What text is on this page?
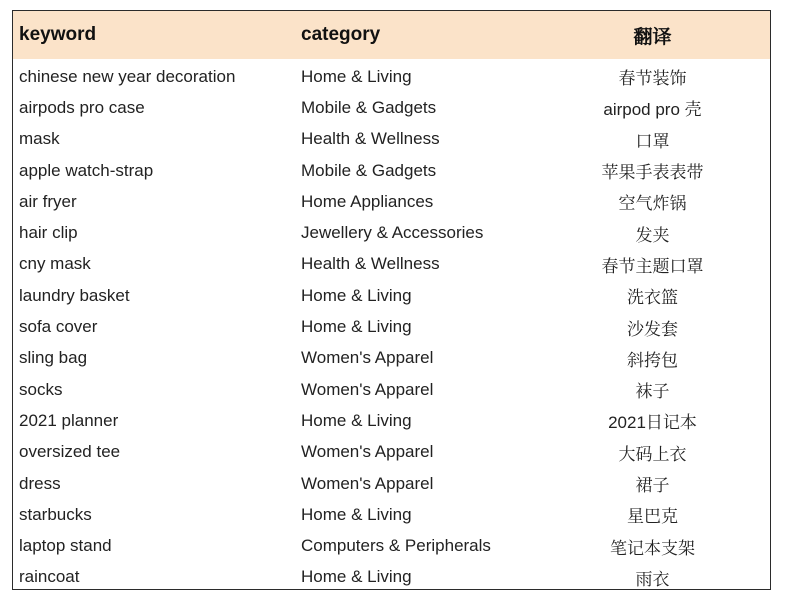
keyword	category	翻译
chinese new year decoration	Home & Living	春节装饰
airpods pro case	Mobile & Gadgets	airpod pro 壳
mask	Health & Wellness	口罩
apple watch-strap	Mobile & Gadgets	苹果手表表带
air fryer	Home Appliances	空气炸锅
hair clip	Jewellery & Accessories	发夹
cny mask	Health & Wellness	春节主题口罩
laundry basket	Home & Living	洗衣篮
sofa cover	Home & Living	沙发套
sling bag	Women's Apparel	斜挎包
socks	Women's Apparel	袜子
2021 planner	Home & Living	2021日记本
oversized tee	Women's Apparel	大码上衣
dress	Women's Apparel	裙子
starbucks	Home & Living	星巴克
laptop stand	Computers & Peripherals	笔记本支架
raincoat	Home & Living	雨衣
